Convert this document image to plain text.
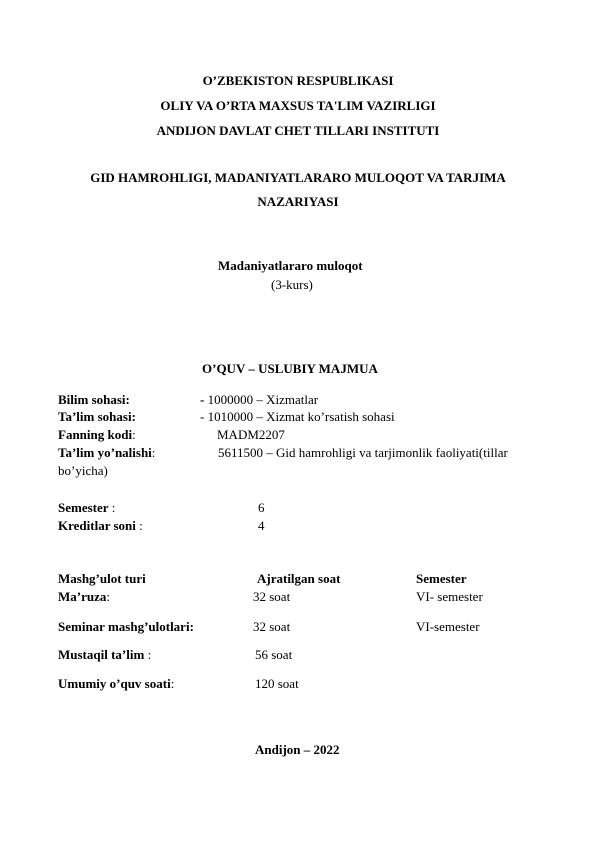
O’ZBEKISTON RESPUBLIKASI
OLIY VA O’RTA MAXSUS TA'LIM VAZIRLIGI
ANDIJON DAVLAT CHET TILLARI INSTITUTI
GID HAMROHLIGI, MADANIYATLARARO MULOQOT VA TARJIMA
NAZARIYASI
Madaniyatlararo muloqot
(3-kurs)
O’QUV – USLUBIY MAJMUA
Bilim sohasi:	- 1000000 – Xizmatlar
Ta’lim sohasi:	- 1010000 – Xizmat ko’rsatish sohasi
Fanning kodi:	MADM2207
Ta’lim yo’nalishi:	5611500 – Gid hamrohligi va tarjimonlik faoliyati(tillar
bo’yicha)
Semester :	6
Kreditlar soni :	4
Mashg’ulot turi	Ajratilgan soat	Semester
Ma’ruza:	32 soat	VI- semester
Seminar mashg’ulotlari:	32 soat	VI-semester
Mustaqil ta’lim :	56 soat
Umumiy o’quv soati:	120 soat
Andijon – 2022
